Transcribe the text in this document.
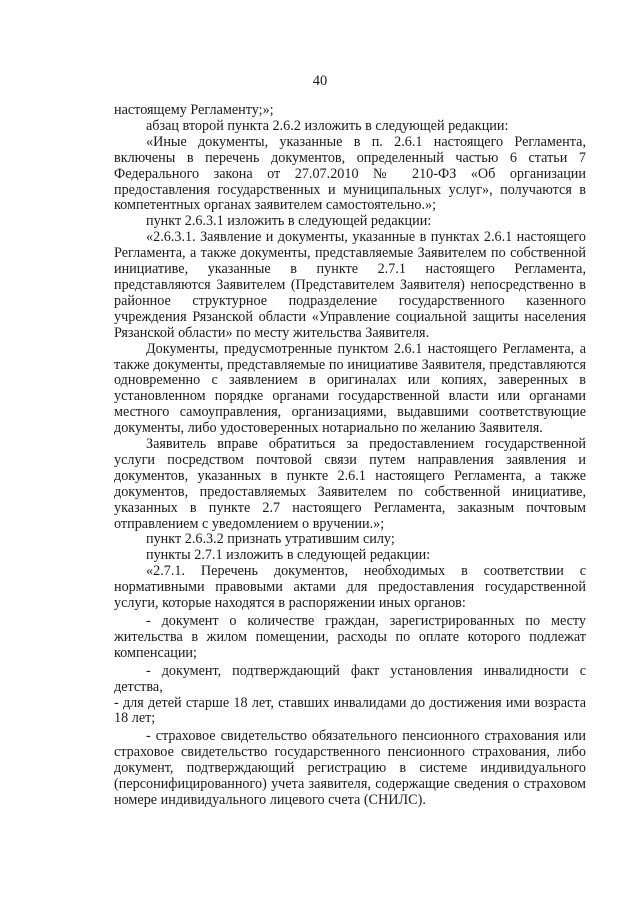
40

настоящему Регламенту;»;

абзац второй пункта 2.6.2 изложить в следующей редакции:

«Иные документы, указанные в п. 2.6.1 настоящего Регламента, включены в перечень документов, определенный частью 6 статьи 7 Федерального закона от 27.07.2010 № 210-ФЗ «Об организации предоставления государственных и муниципальных услуг», получаются в компетентных органах заявителем самостоятельно.»;

пункт 2.6.3.1 изложить в следующей редакции:

«2.6.3.1. Заявление и документы, указанные в пунктах 2.6.1 настоящего Регламента, а также документы, представляемые Заявителем по собственной инициативе, указанные в пункте 2.7.1 настоящего Регламента, представляются Заявителем (Представителем Заявителя) непосредственно в районное структурное подразделение государственного казенного учреждения Рязанской области «Управление социальной защиты населения Рязанской области» по месту жительства Заявителя.

Документы, предусмотренные пунктом 2.6.1 настоящего Регламента, а также документы, представляемые по инициативе Заявителя, представляются одновременно с заявлением в оригиналах или копиях, заверенных в установленном порядке органами государственной власти или органами местного самоуправления, организациями, выдавшими соответствующие документы, либо удостоверенных нотариально по желанию Заявителя.

Заявитель вправе обратиться за предоставлением государственной услуги посредством почтовой связи путем направления заявления и документов, указанных в пункте 2.6.1 настоящего Регламента, а также документов, предоставляемых Заявителем по собственной инициативе, указанных в пункте 2.7 настоящего Регламента, заказным почтовым отправлением с уведомлением о вручении.»;

пункт 2.6.3.2 признать утратившим силу;

пункты 2.7.1 изложить в следующей редакции:

«2.7.1. Перечень документов, необходимых в соответствии с нормативными правовыми актами для предоставления государственной услуги, которые находятся в распоряжении иных органов:

- документ о количестве граждан, зарегистрированных по месту жительства в жилом помещении, расходы по оплате которого подлежат компенсации;

- документ, подтверждающий факт установления инвалидности с детства,

- для детей старше 18 лет, ставших инвалидами до достижения ими возраста 18 лет;

- страховое свидетельство обязательного пенсионного страхования или страховое свидетельство государственного пенсионного страхования, либо документ, подтверждающий регистрацию в системе индивидуального (персонифицированного) учета заявителя, содержащие сведения о страховом номере индивидуального лицевого счета (СНИЛС).
